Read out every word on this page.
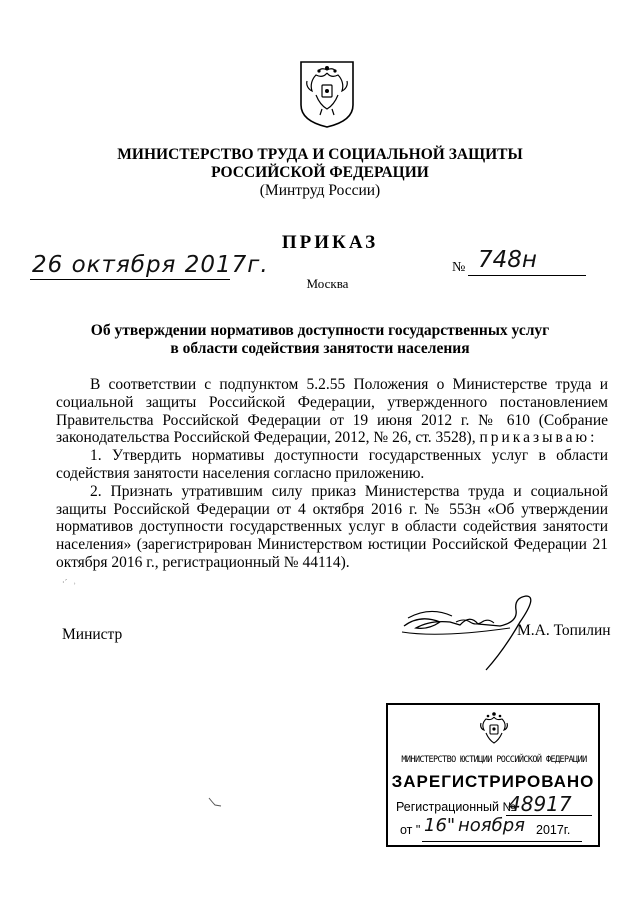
МИНИСТЕРСТВО ТРУДА И СОЦИАЛЬНОЙ ЗАЩИТЫ
РОССИЙСКОЙ ФЕДЕРАЦИИ
(Минтруд России)
ПРИКАЗ
26 октября 2017г.	№ 748н
Москва
Об утверждении нормативов доступности государственных услуг
в области содействия занятости населения

В соответствии с подпунктом 5.2.55 Положения о Министерстве труда и социальной защиты Российской Федерации, утвержденного постановлением Правительства Российской Федерации от 19 июня 2012 г. № 610 (Собрание законодательства Российской Федерации, 2012, № 26, ст. 3528), приказываю:

1. Утвердить нормативы доступности государственных услуг в области содействия занятости населения согласно приложению.

2. Признать утратившим силу приказ Министерства труда и социальной защиты Российской Федерации от 4 октября 2016 г. № 553н «Об утверждении нормативов доступности государственных услуг в области содействия занятости населения» (зарегистрирован Министерством юстиции Российской Федерации 21 октября 2016 г., регистрационный № 44114).

·ˊ   ˒
Министр	М.А. Топилин
МИНИСТЕРСТВО ЮСТИЦИИ РОССИЙСКОЙ ФЕДЕРАЦИИ
ЗАРЕГИСТРИРОВАНО
Регистрационный №
48917
от " 16" ноября 2017г.
